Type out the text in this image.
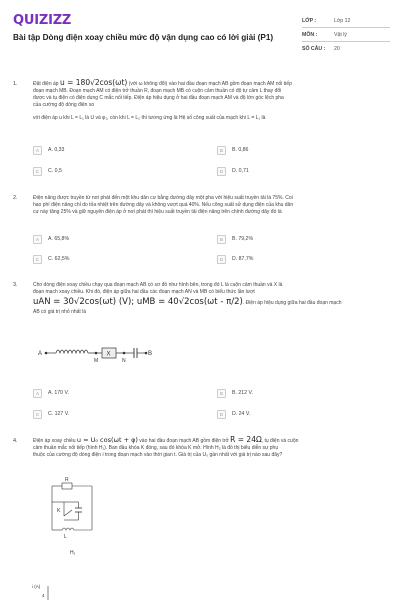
QUIZIZZ
Bài tập Dòng điện xoay chiều mức độ vận dụng cao có lời giải (P1)
LỚP :	Lớp 12
MÔN :	Vật lý
SỐ CÂU :	20
1.	Đặt điện áp u = 180√2cos(ωt) (với ω không đổi) vào hai đầu đoạn mạch AB gồm đoạn mạch AM nối tiếp
đoạn mạch MB. Đoạn mạch AM có điện trở thuần R, đoạn mạch MB có cuộn cảm thuần có độ tự cảm L thay đổi
được và tụ điện có điện dung C mắc nối tiếp. Điện áp hiệu dụng ở hai đầu đoạn mạch AM và độ lớn góc lệch pha
của cường độ dòng điện so
với điện áp u khi L = L₁ là U và φ₁, còn khi L = L₂ thì tương ứng là Hệ số công suất của mạch khi L = L₁ là
A	A. 0,33	B	B. 0,86
C	C. 0,5	D	D. 0,71
2.	Điện năng được truyền từ nơi phát đến một khu dân cư bằng đường dây một pha với hiệu suất truyền tải là 75%. Coi
hao phí điện năng chỉ do tỏa nhiệt trên đường dây và không vượt quá 40%. Nếu công suất sử dụng điện của khu dân
cư này tăng 25% và giữ nguyên điện áp ở nơi phát thì hiệu suất truyền tải điện năng trên chính đường dây đó là
A	A. 65,8%	B	B. 79,2%
C	C. 62,5%	D	D. 87,7%
3.	Cho dòng điện xoay chiều chạy qua đoạn mạch AB có sơ đồ như hình bên, trong đó L là cuộn cảm thuần và X là
đoạn mạch xoay chiều. Khi đó, điện áp giữa hai đầu các đoạn mạch AN và MB có biểu thức lần lượt
uAN = 30√2cos(ωt) (V); uMB = 40√2cos(ωt - π/2). Điện áp hiệu dụng giữa hai đầu đoạn mạch
AB có giá trị nhỏ nhất là
A
M
X
N
B
A	A. 170 V.	B	B. 212 V.
C	C. 127 V.	D	D. 24 V.
4.	Điện áp xoay chiều u = U₀ cos(ωt + φ) vào hai đầu đoạn mạch AB gồm điện trở R = 24Ω, tụ điện và cuộn
cảm thuần mắc nối tiếp (hình H₁). Ban đầu khóa K đóng, sau đó khóa K mở. Hình H₂ là đồ thị biểu diễn sự phụ
thuộc của cường độ dòng điện i trong đoạn mạch vào thời gian t. Giá trị của U₀ gần nhất với giá trị nào sau đây?
R
K
L
H₁
i (A)
4
